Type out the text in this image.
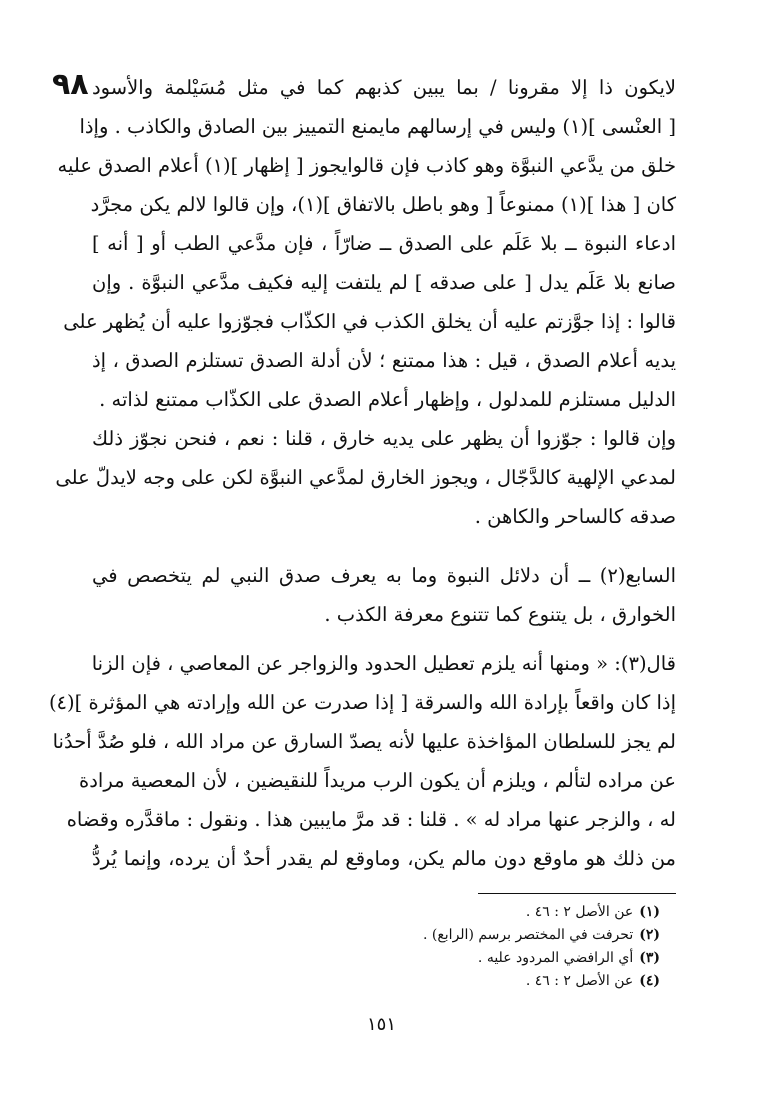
٩٨ لايكون ذا إلا مقرونا / بما يبين كذبهم كما في مثل مُسَيْلمة والأسود
[ العنْسى ](١) وليس في إرسالهم مايمنع التمييز بين الصادق والكاذب . وإذا
خلق من يدَّعي النبوَّة وهو كاذب فإن قالوايجوز [ إظهار ](١) أعلام الصدق عليه
كان [ هذا ](١) ممنوعاً [ وهو باطل بالاتفاق ](١)، وإن قالوا لالم يكن مجرَّد
ادعاء النبوة ــ بلا عَلَم على الصدق ــ ضارّاً ، فإن مدَّعي الطب أو [ أنه ]
صانع بلا عَلَم يدل [ على صدقه ] لم يلتفت إليه فكيف مدَّعي النبوَّة . وإن
قالوا : إذا جوَّزتم عليه أن يخلق الكذب في الكذّاب فجوّزوا عليه أن يُظهر على
يديه أعلام الصدق ، قيل : هذا ممتنع ؛ لأن أدلة الصدق تستلزم الصدق ، إذ
الدليل مستلزم للمدلول ، وإظهار أعلام الصدق على الكذّاب ممتنع لذاته .
وإن قالوا : جوّزوا أن يظهر على يديه خارق ، قلنا : نعم ، فنحن نجوّز ذلك
لمدعي الإلهية كالدَّجّال ، ويجوز الخارق لمدَّعي النبوَّة لكن على وجه لايدلّ على
صدقه كالساحر والكاهن .
السابع(٢) ــ أن دلائل النبوة وما به يعرف صدق النبي لم يتخصص في
الخوارق ، بل يتنوع كما تتنوع معرفة الكذب .
قال(٣): « ومنها أنه يلزم تعطيل الحدود والزواجر عن المعاصي ، فإن الزنا
إذا كان واقعاً بإرادة الله والسرقة [ إذا صدرت عن الله وإرادته هي المؤثرة ](٤)
لم يجز للسلطان المؤاخذة عليها لأنه يصدّ السارق عن مراد الله ، فلو صُدَّ أحدُنا
عن مراده لتألم ، ويلزم أن يكون الرب مريداً للنقيضين ، لأن المعصية مرادة
له ، والزجر عنها مراد له » . قلنا : قد مرَّ مايبين هذا . ونقول : ماقدَّره وقضاه
من ذلك هو ماوقع دون مالم يكن، وماوقع لم يقدر أحدٌ أن يرده، وإنما يُردُّ
(١)عن الأصل ٢ : ٤٦ .
(٢)تحرفت في المختصر برسم (الرابع) .
(٣)أي الرافضي المردود عليه .
(٤)عن الأصل ٢ : ٤٦ .
١٥١
